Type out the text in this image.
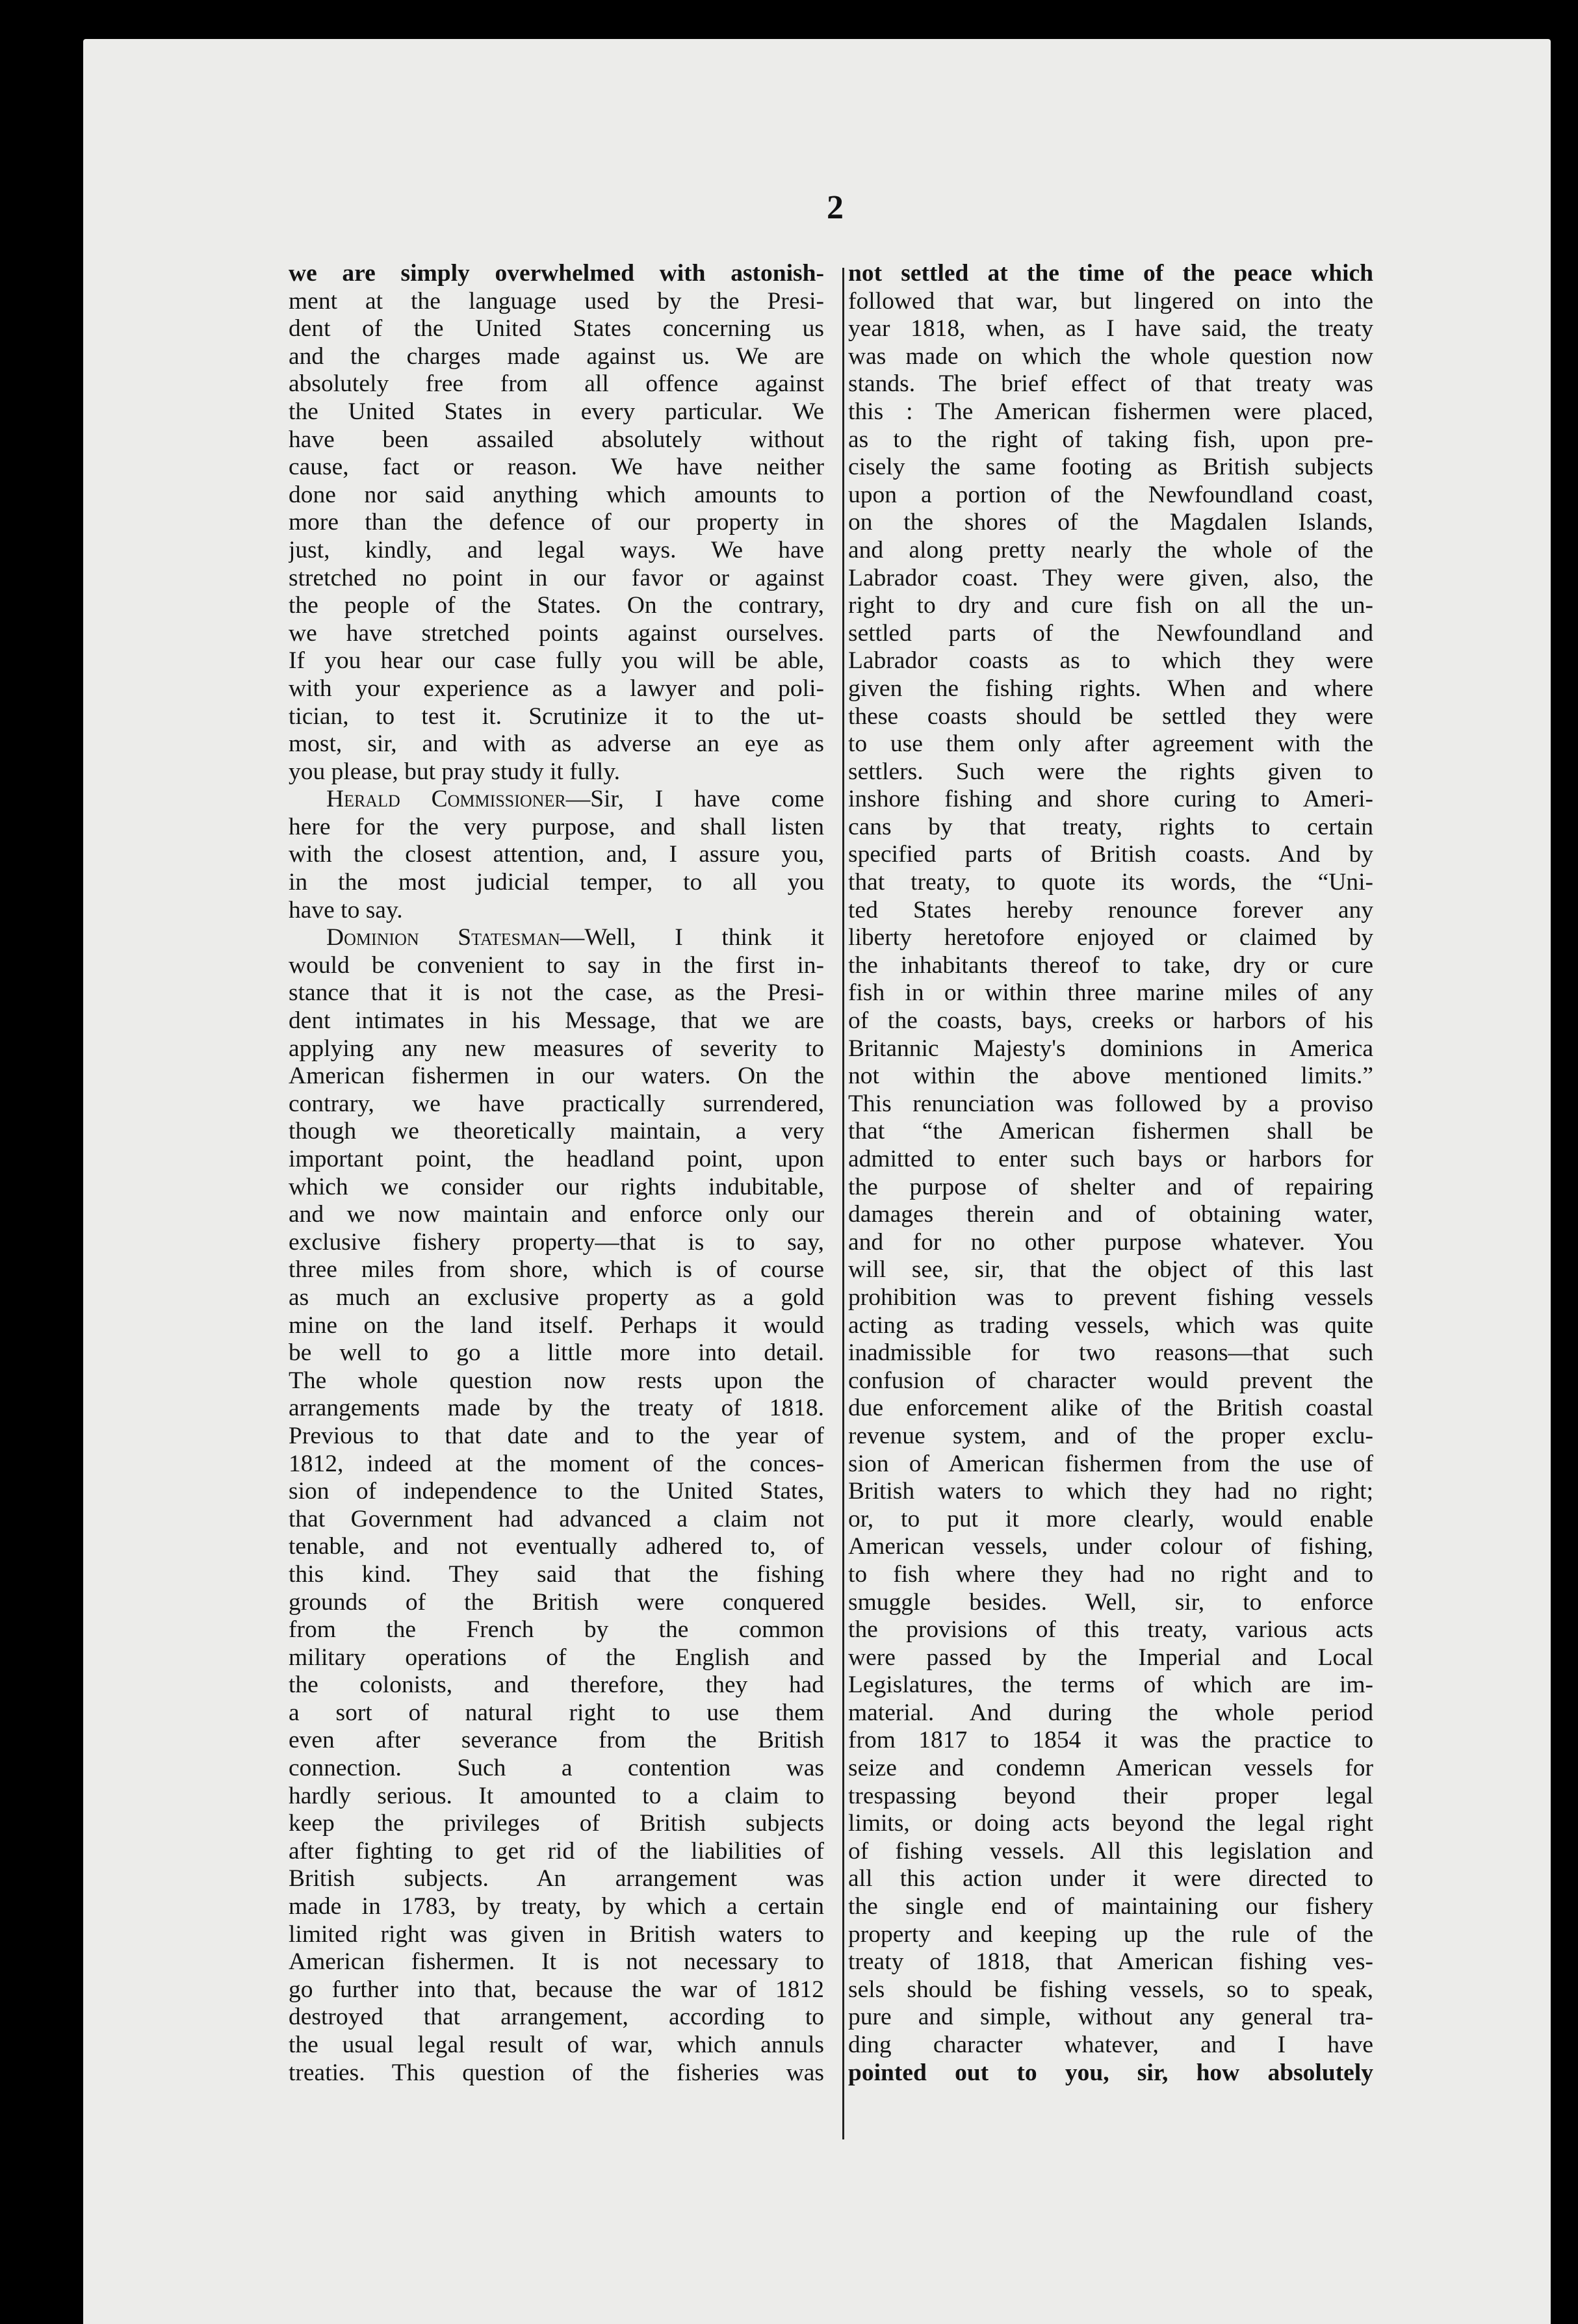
2
we are simply overwhelmed with astonish-
ment at the language used by the Presi-
dent of the United States concerning us
and the charges made against us. We are
absolutely free from all offence against
the United States in every particular. We
have been assailed absolutely without
cause, fact or reason. We have neither
done nor said anything which amounts to
more than the defence of our property in
just, kindly, and legal ways. We have
stretched no point in our favor or against
the people of the States. On the contrary,
we have stretched points against ourselves.
If you hear our case fully you will be able,
with your experience as a lawyer and poli-
tician, to test it. Scrutinize it to the ut-
most, sir, and with as adverse an eye as
you please, but pray study it fully.
Herald Commissioner—Sir, I have come
here for the very purpose, and shall listen
with the closest attention, and, I assure you,
in the most judicial temper, to all you
have to say.
Dominion Statesman—Well, I think it
would be convenient to say in the first in-
stance that it is not the case, as the Presi-
dent intimates in his Message, that we are
applying any new measures of severity to
American fishermen in our waters. On the
contrary, we have practically surrendered,
though we theoretically maintain, a very
important point, the headland point, upon
which we consider our rights indubitable,
and we now maintain and enforce only our
exclusive fishery property—that is to say,
three miles from shore, which is of course
as much an exclusive property as a gold
mine on the land itself. Perhaps it would
be well to go a little more into detail.
The whole question now rests upon the
arrangements made by the treaty of 1818.
Previous to that date and to the year of
1812, indeed at the moment of the conces-
sion of independence to the United States,
that Government had advanced a claim not
tenable, and not eventually adhered to, of
this kind. They said that the fishing
grounds of the British were conquered
from the French by the common
military operations of the English and
the colonists, and therefore, they had
a sort of natural right to use them
even after severance from the British
connection. Such a contention was
hardly serious. It amounted to a claim to
keep the privileges of British subjects
after fighting to get rid of the liabilities of
British subjects. An arrangement was
made in 1783, by treaty, by which a certain
limited right was given in British waters to
American fishermen. It is not necessary to
go further into that, because the war of 1812
destroyed that arrangement, according to
the usual legal result of war, which annuls
treaties. This question of the fisheries was
not settled at the time of the peace which
followed that war, but lingered on into the
year 1818, when, as I have said, the treaty
was made on which the whole question now
stands. The brief effect of that treaty was
this : The American fishermen were placed,
as to the right of taking fish, upon pre-
cisely the same footing as British subjects
upon a portion of the Newfoundland coast,
on the shores of the Magdalen Islands,
and along pretty nearly the whole of the
Labrador coast. They were given, also, the
right to dry and cure fish on all the un-
settled parts of the Newfoundland and
Labrador coasts as to which they were
given the fishing rights. When and where
these coasts should be settled they were
to use them only after agreement with the
settlers. Such were the rights given to
inshore fishing and shore curing to Ameri-
cans by that treaty, rights to certain
specified parts of British coasts. And by
that treaty, to quote its words, the “Uni-
ted States hereby renounce forever any
liberty heretofore enjoyed or claimed by
the inhabitants thereof to take, dry or cure
fish in or within three marine miles of any
of the coasts, bays, creeks or harbors of his
Britannic Majesty's dominions in America
not within the above mentioned limits.”
This renunciation was followed by a proviso
that “the American fishermen shall be
admitted to enter such bays or harbors for
the purpose of shelter and of repairing
damages therein and of obtaining water,
and for no other purpose whatever. You
will see, sir, that the object of this last
prohibition was to prevent fishing vessels
acting as trading vessels, which was quite
inadmissible for two reasons—that such
confusion of character would prevent the
due enforcement alike of the British coastal
revenue system, and of the proper exclu-
sion of American fishermen from the use of
British waters to which they had no right;
or, to put it more clearly, would enable
American vessels, under colour of fishing,
to fish where they had no right and to
smuggle besides. Well, sir, to enforce
the provisions of this treaty, various acts
were passed by the Imperial and Local
Legislatures, the terms of which are im-
material. And during the whole period
from 1817 to 1854 it was the practice to
seize and condemn American vessels for
trespassing beyond their proper legal
limits, or doing acts beyond the legal right
of fishing vessels. All this legislation and
all this action under it were directed to
the single end of maintaining our fishery
property and keeping up the rule of the
treaty of 1818, that American fishing ves-
sels should be fishing vessels, so to speak,
pure and simple, without any general tra-
ding character whatever, and I have
pointed out to you, sir, how absolutely
